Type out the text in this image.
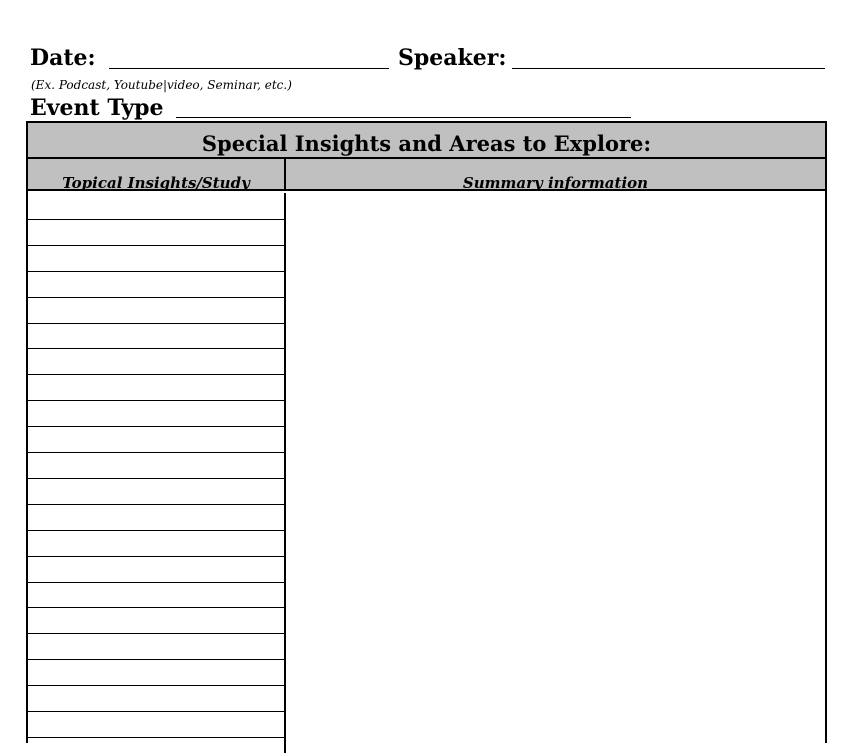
Date:	Speaker:
(Ex. Podcast, Youtube|video, Seminar, etc.)
Event Type
Special Insights and Areas to Explore:
Topical Insights/Study	Summary information
